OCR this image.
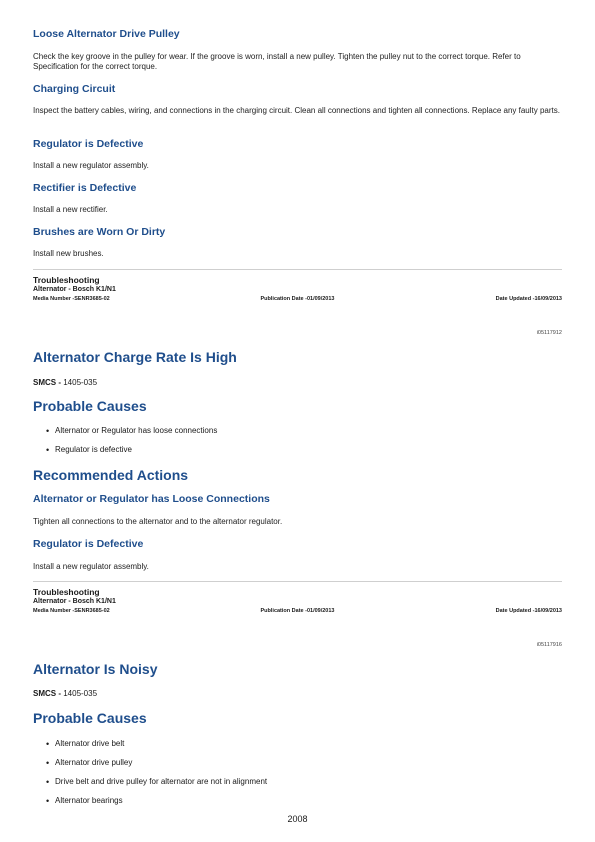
Loose Alternator Drive Pulley

Check the key groove in the pulley for wear. If the groove is worn, install a new pulley. Tighten the pulley nut to the correct torque. Refer to Specification for the correct torque.

Charging Circuit

Inspect the battery cables, wiring, and connections in the charging circuit. Clean all connections and tighten all connections. Replace any faulty parts.

Regulator is Defective

Install a new regulator assembly.

Rectifier is Defective

Install a new rectifier.

Brushes are Worn Or Dirty

Install new brushes.

Troubleshooting

Alternator - Bosch K1/N1

Media Number -SENR3685-02	Publication Date -01/09/2013	Date Updated -16/09/2013
i05117912

Alternator Charge Rate Is High

SMCS - 1405-035

Probable Causes

• Alternator or Regulator has loose connections
• Regulator is defective

Recommended Actions

Alternator or Regulator has Loose Connections

Tighten all connections to the alternator and to the alternator regulator.

Regulator is Defective

Install a new regulator assembly.

Troubleshooting

Alternator - Bosch K1/N1

Media Number -SENR3685-02	Publication Date -01/09/2013	Date Updated -16/09/2013
i05117916

Alternator Is Noisy

SMCS - 1405-035

Probable Causes

• Alternator drive belt
• Alternator drive pulley
• Drive belt and drive pulley for alternator are not in alignment
• Alternator bearings
2008
